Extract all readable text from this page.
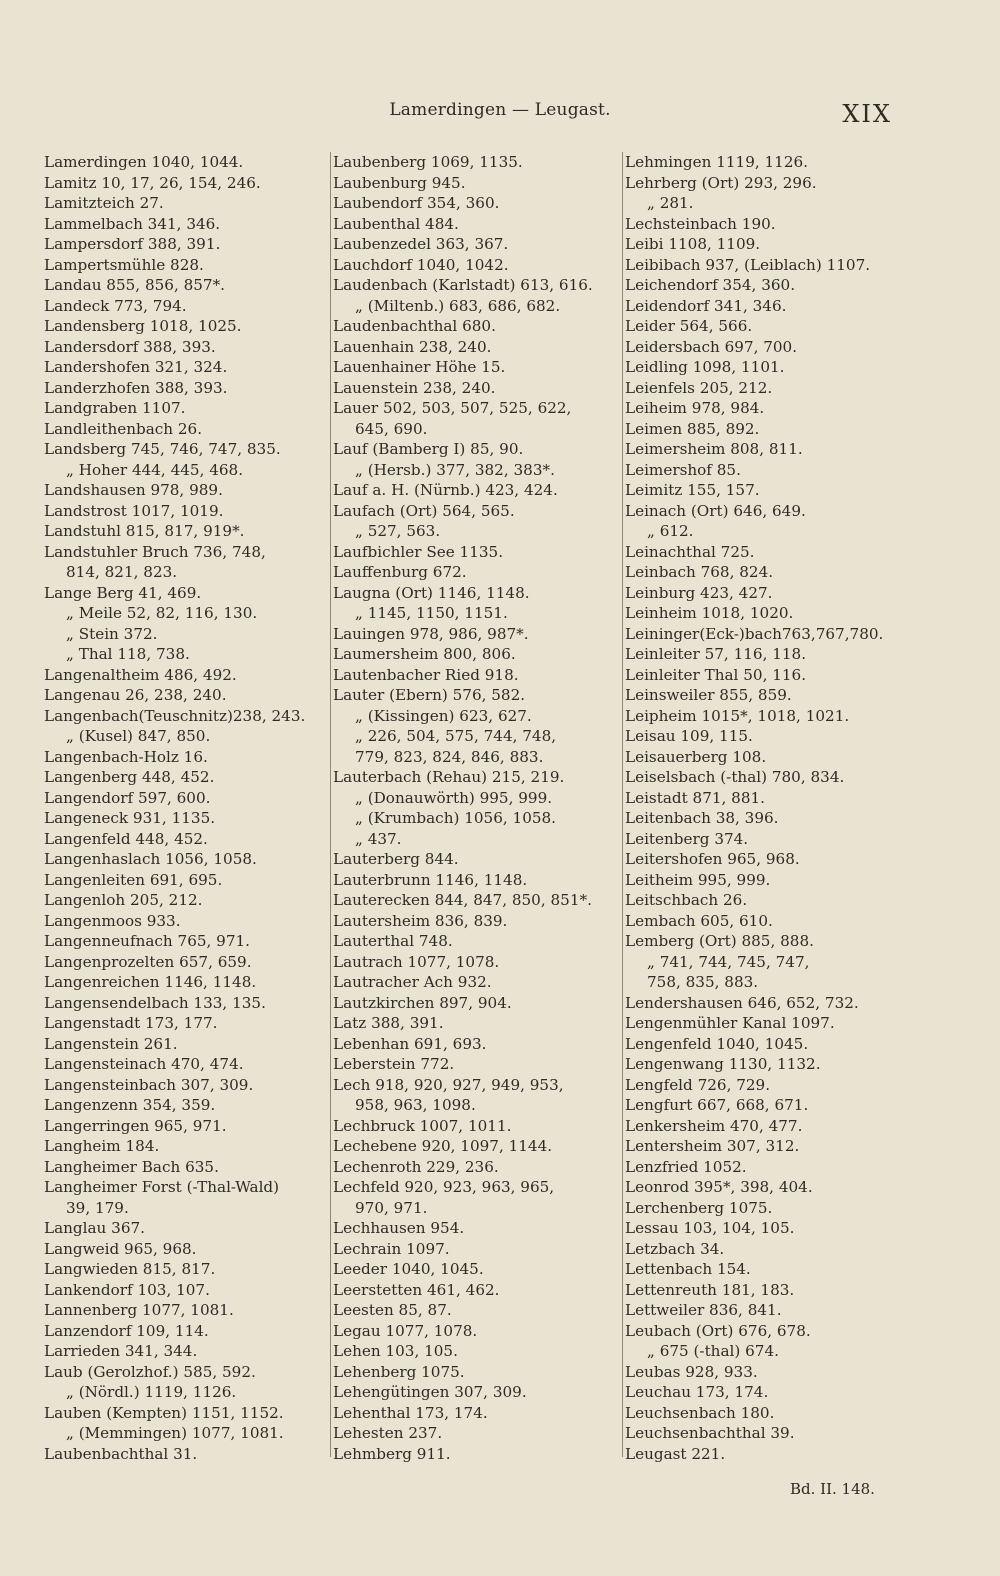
Lamerdingen — Leugast.	XIX
Lamerdingen 1040, 1044.
Lamitz 10, 17, 26, 154, 246.
Lamitzteich 27.
Lammelbach 341, 346.
Lampersdorf 388, 391.
Lampertsmühle 828.
Landau 855, 856, 857*.
Landeck 773, 794.
Landensberg 1018, 1025.
Landersdorf 388, 393.
Landershofen 321, 324.
Landerzhofen 388, 393.
Landgraben 1107.
Landleithenbach 26.
Landsberg 745, 746, 747, 835.
„ Hoher 444, 445, 468.
Landshausen 978, 989.
Landstrost 1017, 1019.
Landstuhl 815, 817, 919*.
Landstuhler Bruch 736, 748,
814, 821, 823.
Lange Berg 41, 469.
„ Meile 52, 82, 116, 130.
„ Stein 372.
„ Thal 118, 738.
Langenaltheim 486, 492.
Langenau 26, 238, 240.
Langenbach(Teuschnitz)238, 243.
„ (Kusel) 847, 850.
Langenbach-Holz 16.
Langenberg 448, 452.
Langendorf 597, 600.
Langeneck 931, 1135.
Langenfeld 448, 452.
Langenhaslach 1056, 1058.
Langenleiten 691, 695.
Langenloh 205, 212.
Langenmoos 933.
Langenneufnach 765, 971.
Langenprozelten 657, 659.
Langenreichen 1146, 1148.
Langensendelbach 133, 135.
Langenstadt 173, 177.
Langenstein 261.
Langensteinach 470, 474.
Langensteinbach 307, 309.
Langenzenn 354, 359.
Langerringen 965, 971.
Langheim 184.
Langheimer Bach 635.
Langheimer Forst (-Thal-Wald)
39, 179.
Langlau 367.
Langweid 965, 968.
Langwieden 815, 817.
Lankendorf 103, 107.
Lannenberg 1077, 1081.
Lanzendorf 109, 114.
Larrieden 341, 344.
Laub (Gerolzhof.) 585, 592.
„ (Nördl.) 1119, 1126.
Lauben (Kempten) 1151, 1152.
„ (Memmingen) 1077, 1081.
Laubenbachthal 31.
Laubenberg 1069, 1135.
Laubenburg 945.
Laubendorf 354, 360.
Laubenthal 484.
Laubenzedel 363, 367.
Lauchdorf 1040, 1042.
Laudenbach (Karlstadt) 613, 616.
„ (Miltenb.) 683, 686, 682.
Laudenbachthal 680.
Lauenhain 238, 240.
Lauenhainer Höhe 15.
Lauenstein 238, 240.
Lauer 502, 503, 507, 525, 622,
645, 690.
Lauf (Bamberg I) 85, 90.
„ (Hersb.) 377, 382, 383*.
Lauf a. H. (Nürnb.) 423, 424.
Laufach (Ort) 564, 565.
„ 527, 563.
Laufbichler See 1135.
Lauffenburg 672.
Laugna (Ort) 1146, 1148.
„ 1145, 1150, 1151.
Lauingen 978, 986, 987*.
Laumersheim 800, 806.
Lautenbacher Ried 918.
Lauter (Ebern) 576, 582.
„ (Kissingen) 623, 627.
„ 226, 504, 575, 744, 748,
779, 823, 824, 846, 883.
Lauterbach (Rehau) 215, 219.
„ (Donauwörth) 995, 999.
„ (Krumbach) 1056, 1058.
„ 437.
Lauterberg 844.
Lauterbrunn 1146, 1148.
Lauterecken 844, 847, 850, 851*.
Lautersheim 836, 839.
Lauterthal 748.
Lautrach 1077, 1078.
Lautracher Ach 932.
Lautzkirchen 897, 904.
Latz 388, 391.
Lebenhan 691, 693.
Leberstein 772.
Lech 918, 920, 927, 949, 953,
958, 963, 1098.
Lechbruck 1007, 1011.
Lechebene 920, 1097, 1144.
Lechenroth 229, 236.
Lechfeld 920, 923, 963, 965,
970, 971.
Lechhausen 954.
Lechrain 1097.
Leeder 1040, 1045.
Leerstetten 461, 462.
Leesten 85, 87.
Legau 1077, 1078.
Lehen 103, 105.
Lehenberg 1075.
Lehengütingen 307, 309.
Lehenthal 173, 174.
Lehesten 237.
Lehmberg 911.
Lehmingen 1119, 1126.
Lehrberg (Ort) 293, 296.
„ 281.
Lechsteinbach 190.
Leibi 1108, 1109.
Leibibach 937, (Leiblach) 1107.
Leichendorf 354, 360.
Leidendorf 341, 346.
Leider 564, 566.
Leidersbach 697, 700.
Leidling 1098, 1101.
Leienfels 205, 212.
Leiheim 978, 984.
Leimen 885, 892.
Leimersheim 808, 811.
Leimershof 85.
Leimitz 155, 157.
Leinach (Ort) 646, 649.
„ 612.
Leinachthal 725.
Leinbach 768, 824.
Leinburg 423, 427.
Leinheim 1018, 1020.
Leininger(Eck-)bach763,767,780.
Leinleiter 57, 116, 118.
Leinleiter Thal 50, 116.
Leinsweiler 855, 859.
Leipheim 1015*, 1018, 1021.
Leisau 109, 115.
Leisauerberg 108.
Leiselsbach (-thal) 780, 834.
Leistadt 871, 881.
Leitenbach 38, 396.
Leitenberg 374.
Leitershofen 965, 968.
Leitheim 995, 999.
Leitschbach 26.
Lembach 605, 610.
Lemberg (Ort) 885, 888.
„ 741, 744, 745, 747,
758, 835, 883.
Lendershausen 646, 652, 732.
Lengenmühler Kanal 1097.
Lengenfeld 1040, 1045.
Lengenwang 1130, 1132.
Lengfeld 726, 729.
Lengfurt 667, 668, 671.
Lenkersheim 470, 477.
Lentersheim 307, 312.
Lenzfried 1052.
Leonrod 395*, 398, 404.
Lerchenberg 1075.
Lessau 103, 104, 105.
Letzbach 34.
Lettenbach 154.
Lettenreuth 181, 183.
Lettweiler 836, 841.
Leubach (Ort) 676, 678.
„ 675 (-thal) 674.
Leubas 928, 933.
Leuchau 173, 174.
Leuchsenbach 180.
Leuchsenbachthal 39.
Leugast 221.
Bd. II. 148.
